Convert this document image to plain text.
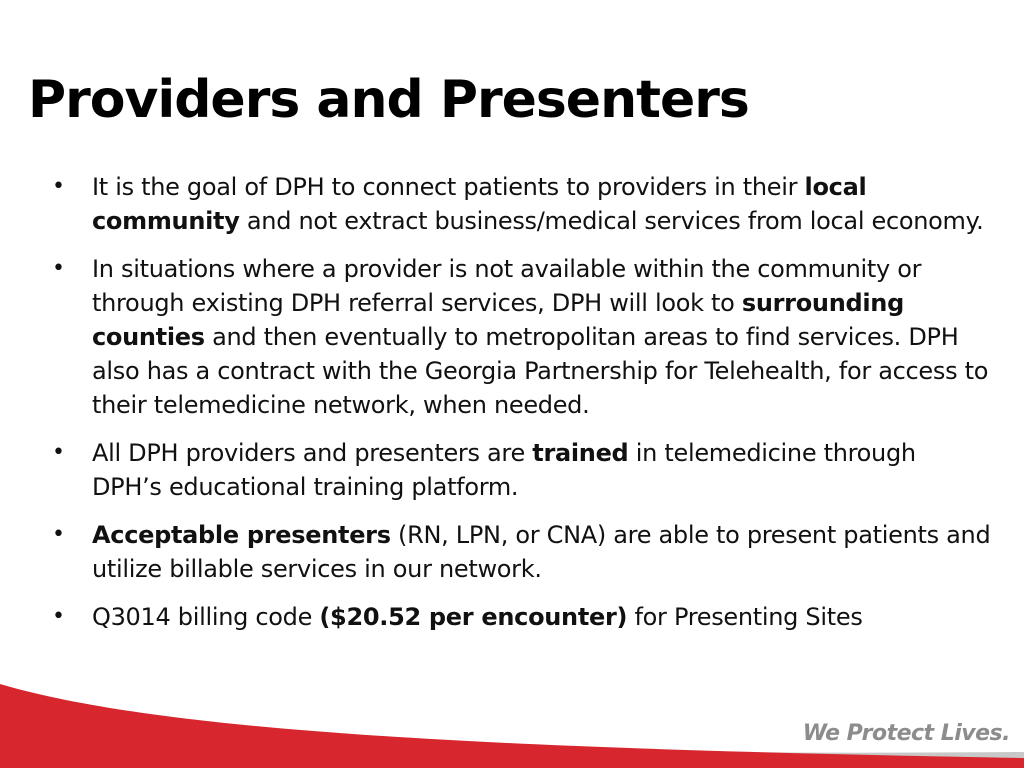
Providers and Presenters
• It is the goal of DPH to connect patients to providers in their local community and not extract business/medical services from local economy.
• In situations where a provider is not available within the community or through existing DPH referral services, DPH will look to surrounding counties and then eventually to metropolitan areas to find services. DPH also has a contract with the Georgia Partnership for Telehealth, for access to their telemedicine network, when needed.
• All DPH providers and presenters are trained in telemedicine through DPH’s educational training platform.
• Acceptable presenters (RN, LPN, or CNA) are able to present patients and utilize billable services in our network.
• Q3014 billing code ($20.52 per encounter) for Presenting Sites
We Protect Lives.
